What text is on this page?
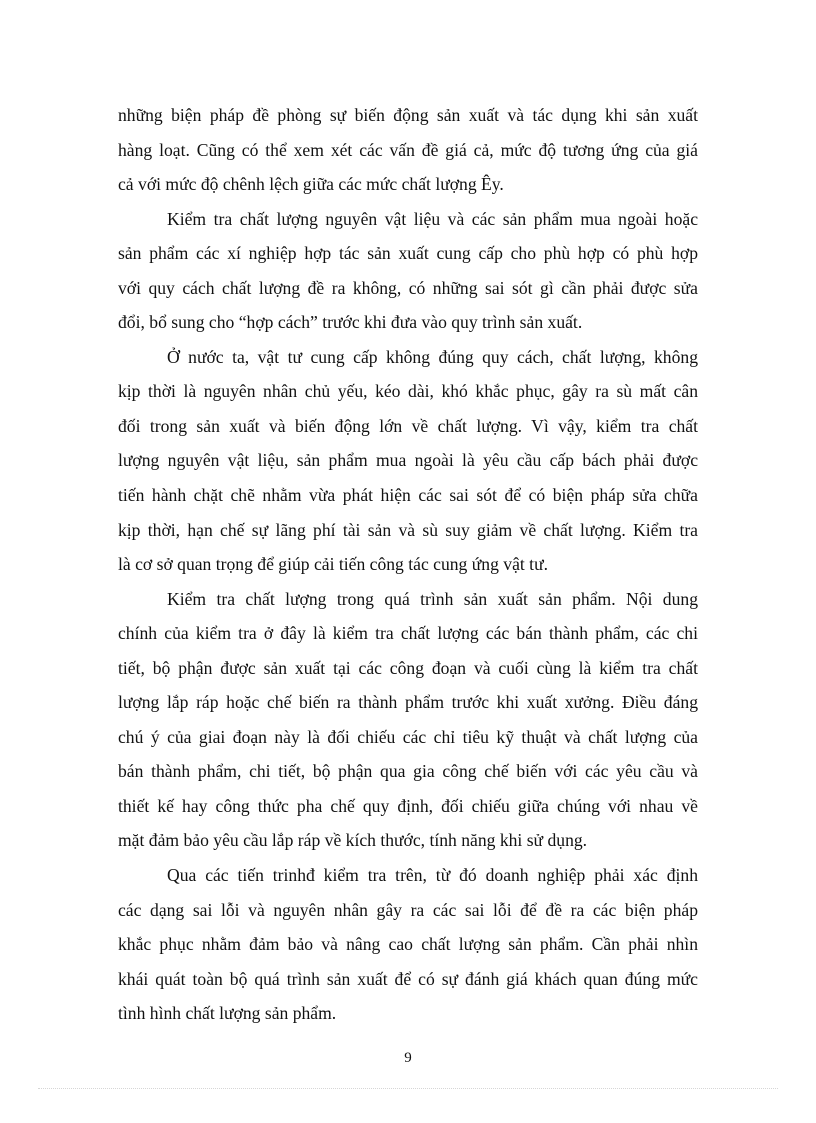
những biện pháp đề phòng sự biến động sản xuất và tác dụng khi sản xuất
hàng loạt. Cũng có thể xem xét các vấn đề giá cả, mức độ tương ứng của giá
cả với mức độ chênh lệch giữa các mức chất lượng Êy.
Kiểm tra chất lượng nguyên vật liệu và các sản phẩm mua ngoài hoặc
sản phẩm các xí nghiệp hợp tác sản xuất cung cấp cho phù hợp có phù hợp
với quy cách chất lượng đề ra không, có những sai sót gì cần phải được sửa
đổi, bổ sung cho “hợp cách” trước khi đưa vào quy trình sản xuất.
Ở nước ta, vật tư cung cấp không đúng quy cách, chất lượng, không
kịp thời là nguyên nhân chủ yếu, kéo dài, khó khắc phục, gây ra sù mất cân
đối trong sản xuất và biến động lớn về chất lượng. Vì vậy, kiểm tra chất
lượng nguyên vật liệu, sản phẩm mua ngoài là yêu cầu cấp bách phải được
tiến hành chặt chẽ nhằm vừa phát hiện các sai sót để có biện pháp sửa chữa
kịp thời, hạn chế sự lãng phí tài sản và sù suy giảm về chất lượng. Kiểm tra
là cơ sở quan trọng để giúp cải tiến công tác cung ứng vật tư.
Kiểm tra chất lượng trong quá trình sản xuất sản phẩm. Nội dung
chính của kiểm tra ở đây là kiểm tra chất lượng các bán thành phẩm, các chi
tiết, bộ phận được sản xuất tại các công đoạn và cuối cùng là kiểm tra chất
lượng lắp ráp hoặc chế biến ra thành phẩm trước khi xuất xưởng. Điều đáng
chú ý của giai đoạn này là đối chiếu các chỉ tiêu kỹ thuật và chất lượng của
bán thành phẩm, chi tiết, bộ phận qua gia công chế biến với các yêu cầu và
thiết kế hay công thức pha chế quy định, đối chiếu giữa chúng với nhau về
mặt đảm bảo yêu cầu lắp ráp về kích thước, tính năng khi sử dụng.
Qua các tiến trinhđ kiểm tra trên, từ đó doanh nghiệp phải xác định
các dạng sai lỗi và nguyên nhân gây ra các sai lỗi để đề ra các biện pháp
khắc phục nhằm đảm bảo và nâng cao chất lượng sản phẩm. Cần phải nhìn
khái quát toàn bộ quá trình sản xuất để có sự đánh giá khách quan đúng mức
tình hình chất lượng sản phẩm.
9
